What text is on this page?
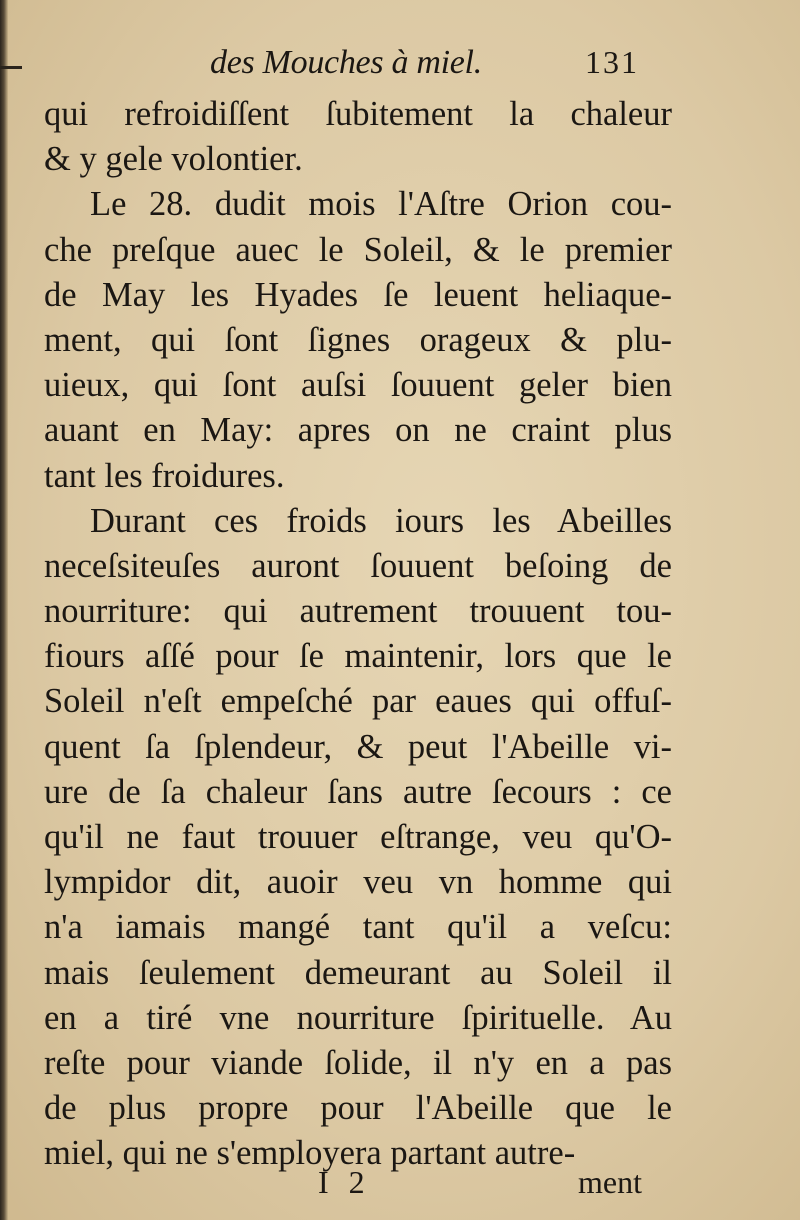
des Mouches à miel.	131
qui refroidiſſent ſubitement la chaleur
& y gele volontier.
Le 28. dudit mois l'Aſtre Orion cou-
che preſque auec le Soleil, & le premier
de May les Hyades ſe leuent heliaque-
ment, qui ſont ſignes orageux & plu-
uieux, qui ſont auſsi ſouuent geler bien
auant en May: apres on ne craint plus
tant les froidures.
Durant ces froids iours les Abeilles
neceſsiteuſes auront ſouuent beſoing de
nourriture: qui autrement trouuent tou-
fiours aſſé pour ſe maintenir, lors que le
Soleil n'eſt empeſché par eaues qui offuſ-
quent ſa ſplendeur, & peut l'Abeille vi-
ure de ſa chaleur ſans autre ſecours : ce
qu'il ne faut trouuer eſtrange, veu qu'O-
lympidor dit, auoir veu vn homme qui
n'a iamais mangé tant qu'il a veſcu:
mais ſeulement demeurant au Soleil il
en a tiré vne nourriture ſpirituelle. Au
reſte pour viande ſolide, il n'y en a pas
de plus propre pour l'Abeille que le
miel, qui ne s'employera partant autre-
I 2	ment
